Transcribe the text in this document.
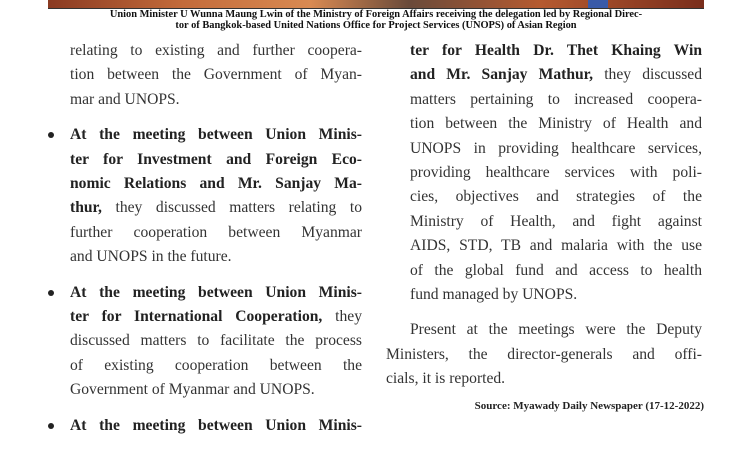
Union Minister U Wunna Maung Lwin of the Ministry of Foreign Affairs receiving the delegation led by Regional Direc-
tor of Bangkok-based United Nations Office for Project Services (UNOPS) of Asian Region

relating to existing and further coopera-

tion between the Government of Myan-

mar and UNOPS.

At the meeting between Union Minis-

ter for Investment and Foreign Eco-

nomic Relations and Mr. Sanjay Ma-

thur, they discussed matters relating to

further cooperation between Myanmar

and UNOPS in the future.

At the meeting between Union Minis-

ter for International Cooperation, they

discussed matters to facilitate the process

of existing cooperation between the

Government of Myanmar and UNOPS.

At the meeting between Union Minis-

ter for Health Dr. Thet Khaing Win

and Mr. Sanjay Mathur, they discussed

matters pertaining to increased coopera-

tion between the Ministry of Health and

UNOPS in providing healthcare services,

providing healthcare services with poli-

cies, objectives and strategies of the

Ministry of Health, and fight against

AIDS, STD, TB and malaria with the use

of the global fund and access to health

fund managed by UNOPS.

Present at the meetings were the Deputy

Ministers, the director-generals and offi-

cials, it is reported.

Source: Myawady Daily Newspaper (17-12-2022)
